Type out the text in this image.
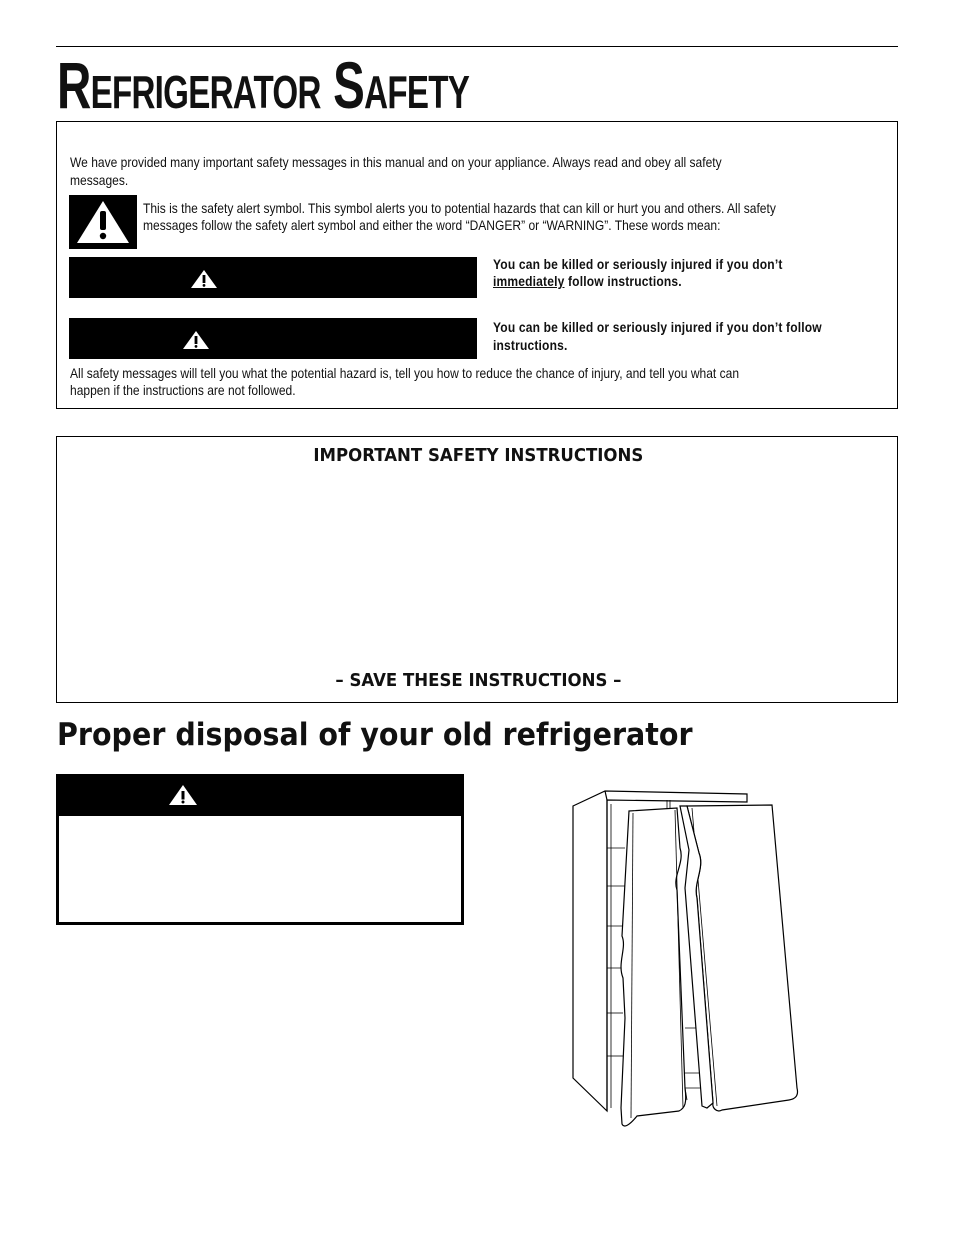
Refrigerator Safety
We have provided many important safety messages in this manual and on your appliance. Always read and obey all safety
messages.
This is the safety alert symbol. This symbol alerts you to potential hazards that can kill or hurt you and others. All safety
messages follow the safety alert symbol and either the word “DANGER” or “WARNING”. These words mean:
You can be killed or seriously injured if you don’t
immediately follow instructions.
You can be killed or seriously injured if you don’t follow
instructions.
All safety messages will tell you what the potential hazard is, tell you how to reduce the chance of injury, and tell you what can
happen if the instructions are not followed.
IMPORTANT SAFETY INSTRUCTIONS
– SAVE THESE INSTRUCTIONS –
Proper disposal of your old refrigerator
